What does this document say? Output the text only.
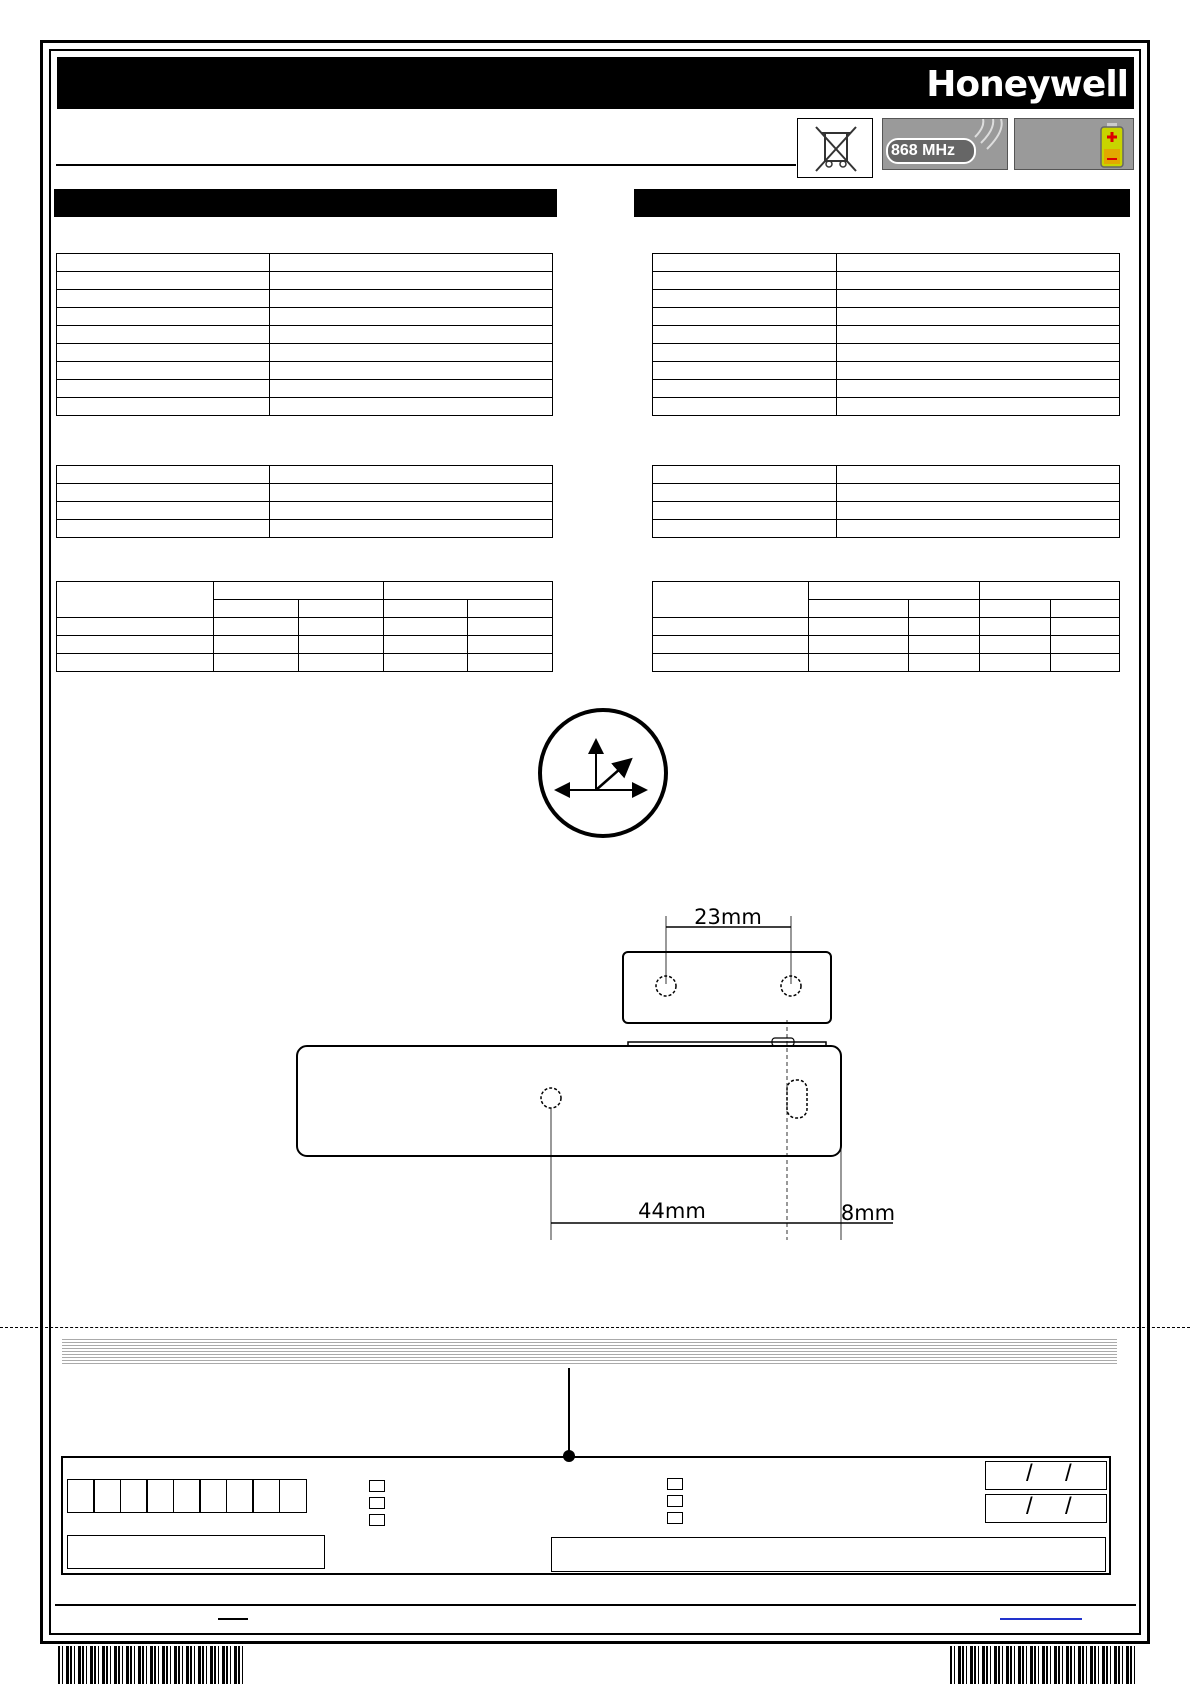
Honeywell
868 MHz

23mm
44mm	8mm
/ /
/ /
